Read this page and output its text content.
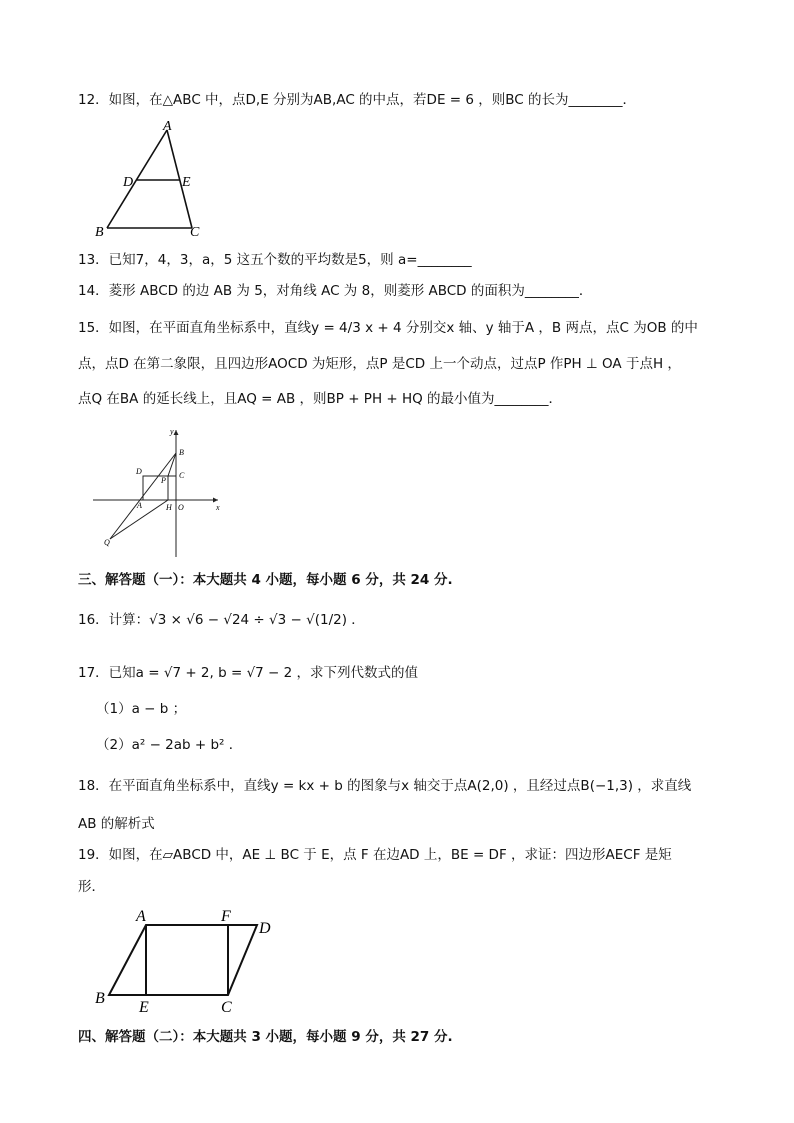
12．如图，在△ABC 中，点D,E 分别为AB,AC 的中点，若DE = 6 ，则BC 的长为________．
A
D	E
B	C
13．已知7，4，3，a，5 这五个数的平均数是5，则 a=________
14．菱形 ABCD 的边 AB 为 5，对角线 AC 为 8，则菱形 ABCD 的面积为________．
15．如图，在平面直角坐标系中，直线y = 4/3 x + 4 分别交x 轴、y 轴于A ，B 两点，点C 为OB 的中
点，点D 在第二象限，且四边形AOCD 为矩形，点P 是CD 上一个动点，过点P 作PH ⊥ OA 于点H ，
点Q 在BA 的延长线上，且AQ = AB ，则BP + PH + HQ 的最小值为________．
y
x
B
C
D
P
A	H O
Q
三、解答题（一）：本大题共 4 小题，每小题 6 分，共 24 分.
16．计算：√3 × √6 − √24 ÷ √3 − √(1/2) ．
17．已知a = √7 + 2, b = √7 − 2 ，求下列代数式的值
（1）a − b ；
（2）a² − 2ab + b² ．
18．在平面直角坐标系中，直线y = kx + b 的图象与x 轴交于点A(2,0) ，且经过点B(−1,3) ，求直线
AB 的解析式
19．如图，在▱ABCD 中，AE ⊥ BC 于 E，点 F 在边AD 上，BE = DF ，求证：四边形AECF 是矩
形．
A	F
D
B
E	C
四、解答题（二）：本大题共 3 小题，每小题 9 分，共 27 分.
